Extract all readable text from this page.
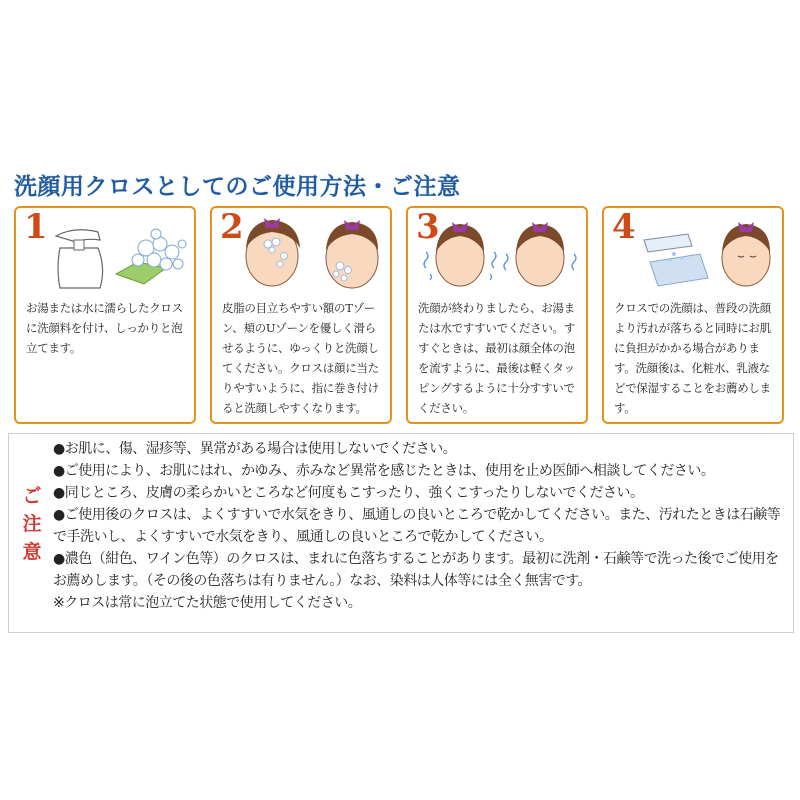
洗顔用クロスとしてのご使用方法・ご注意
1
お湯または水に濡らしたクロスに洗顔料を付け、しっかりと泡立てます。
2
皮脂の目立ちやすい額のTゾーン、頬のUゾーンを優しく滑らせるように、ゆっくりと洗顔してください。クロスは顔に当たりやすいように、指に巻き付けると洗顔しやすくなります。
3
洗顔が終わりましたら、お湯または水ですすいでください。すすぐときは、最初は顔全体の泡を流すように、最後は軽くタッピングするように十分すすいでください。
4
クロスでの洗顔は、普段の洗顔より汚れが落ちると同時にお肌に負担がかかる場合があります。洗顔後は、化粧水、乳液などで保湿することをお薦めします。
ご
注
意

●お肌に、傷、湿疹等、異常がある場合は使用しないでください。

●ご使用により、お肌にはれ、かゆみ、赤みなど異常を感じたときは、使用を止め医師へ相談してください。

●同じところ、皮膚の柔らかいところなど何度もこすったり、強くこすったりしないでください。

●ご使用後のクロスは、よくすすいで水気をきり、風通しの良いところで乾かしてください。また、汚れたときは石鹸等で手洗いし、よくすすいで水気をきり、風通しの良いところで乾かしてください。

●濃色（紺色、ワイン色等）のクロスは、まれに色落ちすることがあります。最初に洗剤・石鹸等で洗った後でご使用をお薦めします。（その後の色落ちは有りません。）なお、染料は人体等には全く無害です。

※クロスは常に泡立てた状態で使用してください。
